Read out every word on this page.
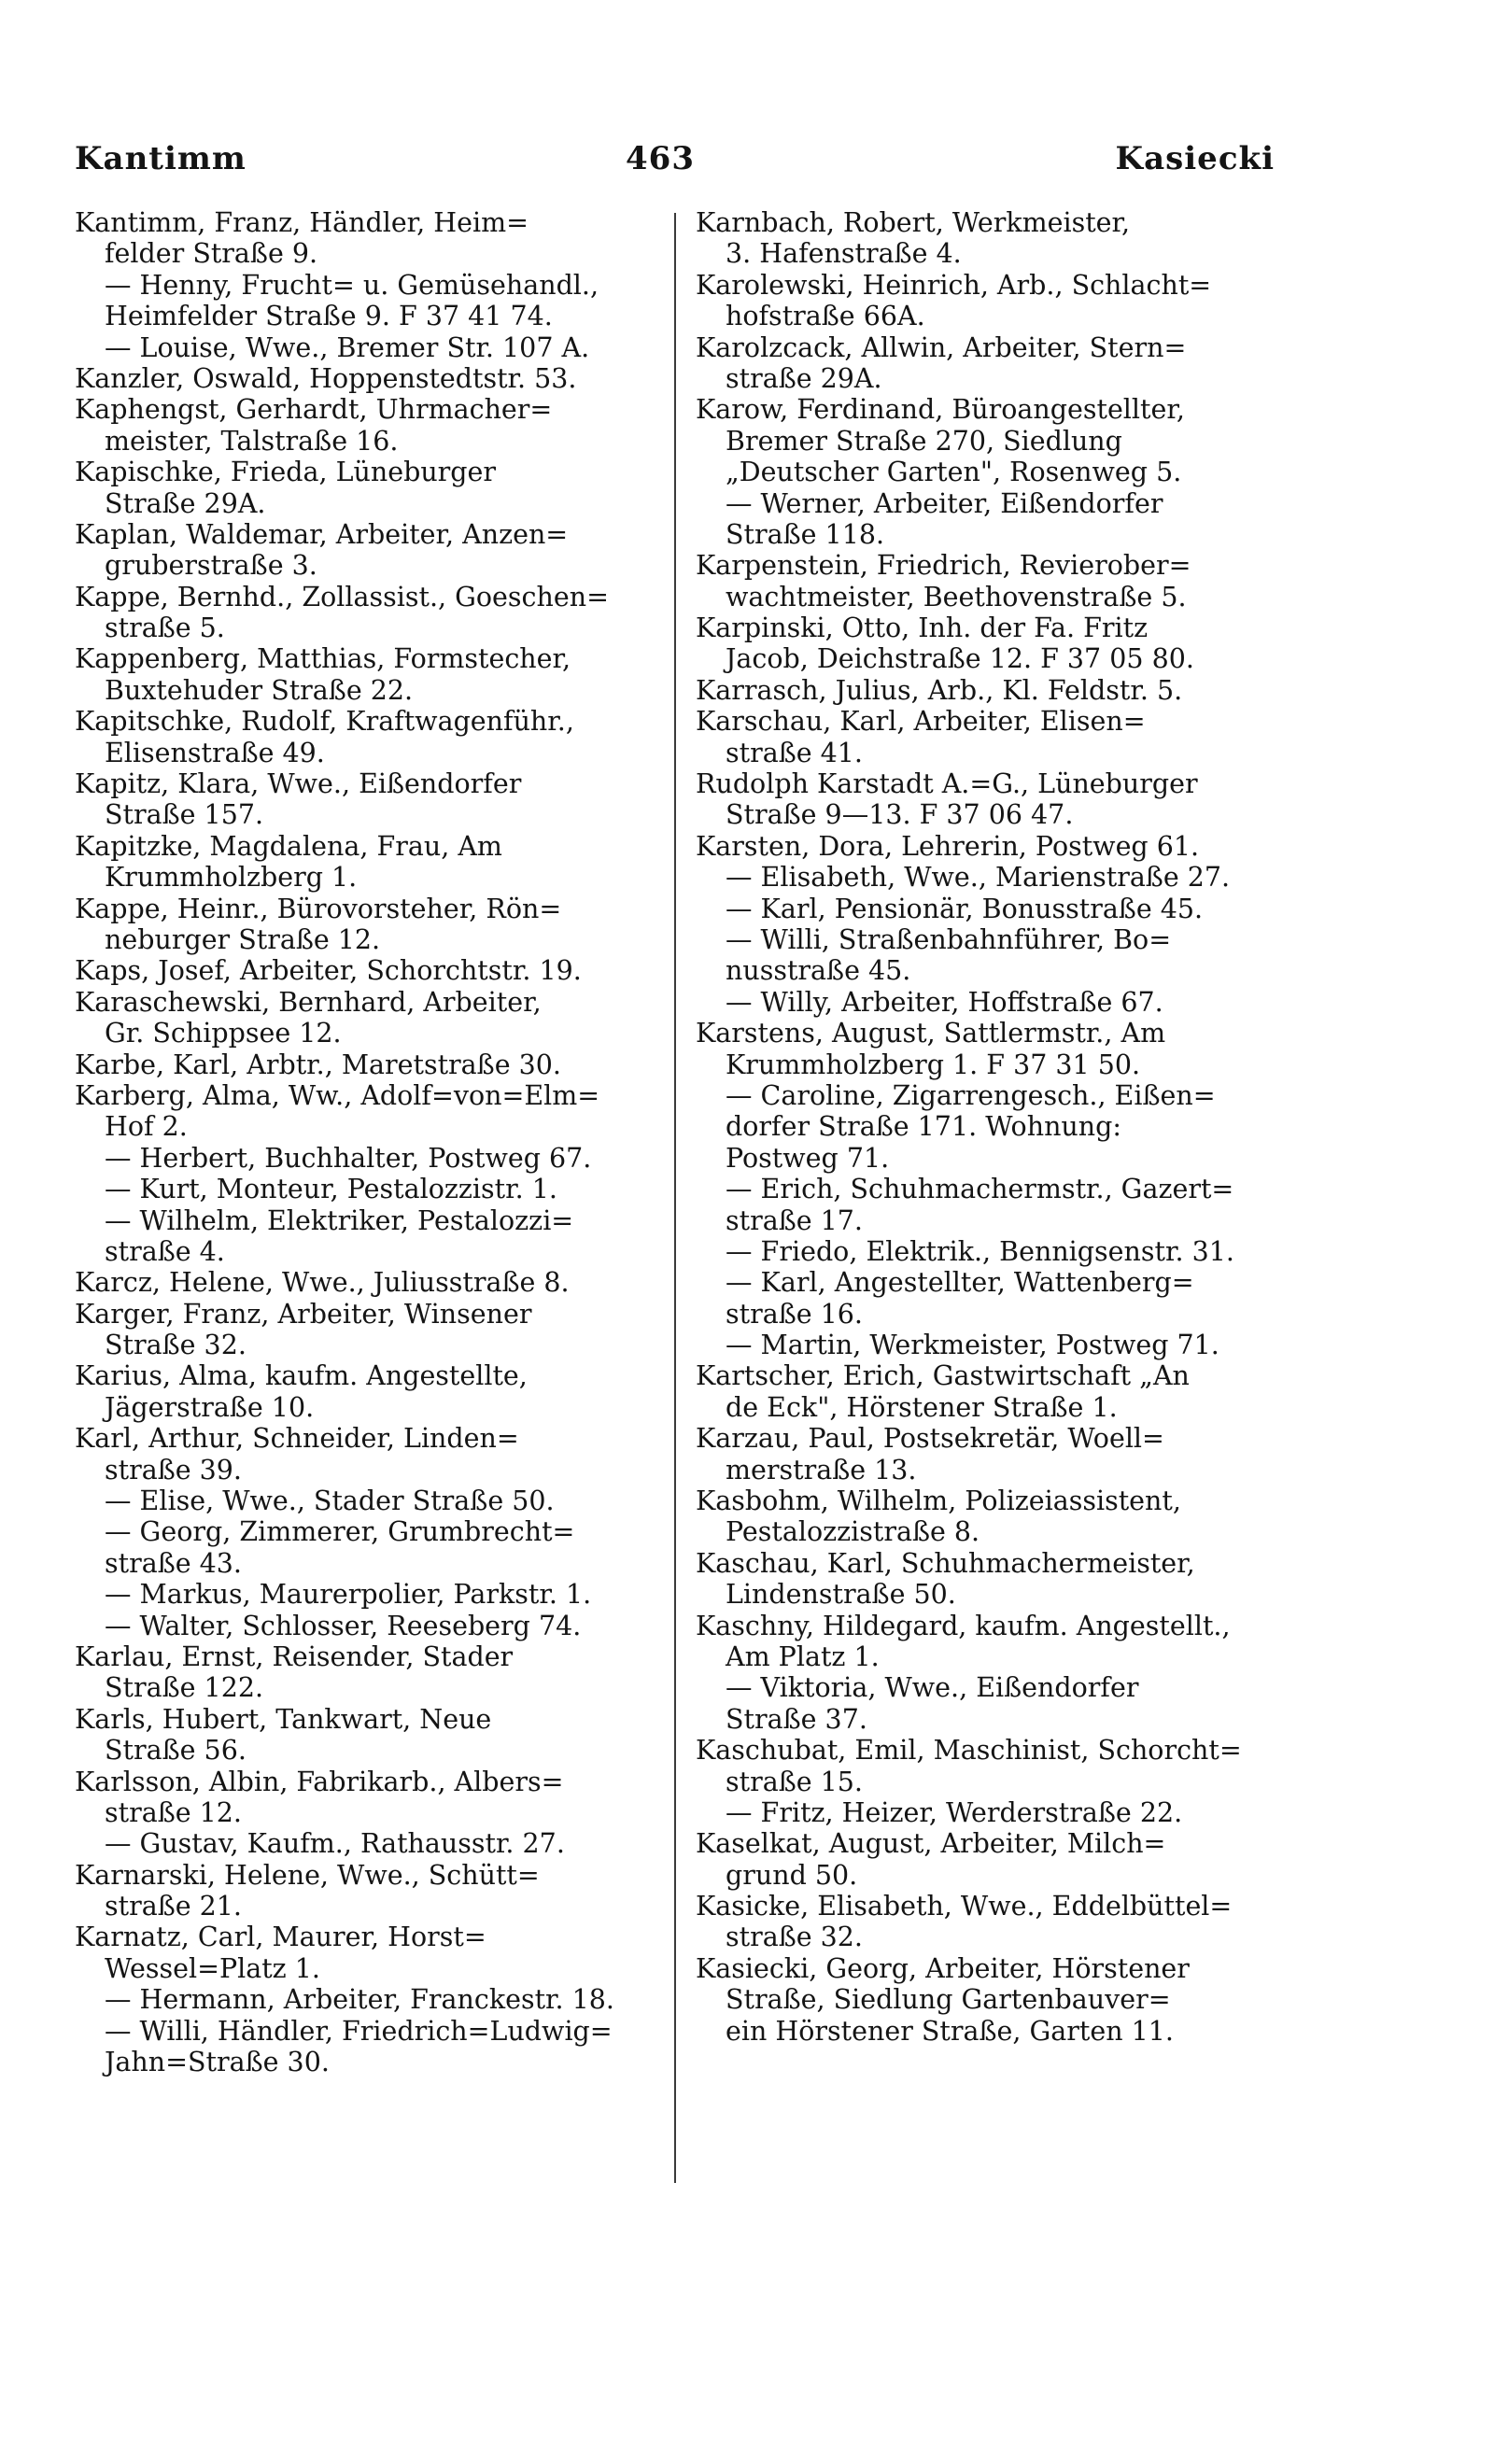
Kantimm	463	Kasiecki
Kantimm, Franz, Händler, Heim=
felder Straße 9.
— Henny, Frucht= u. Gemüsehandl.,
Heimfelder Straße 9. F 37 41 74.
— Louise, Wwe., Bremer Str. 107 A.
Kanzler, Oswald, Hoppenstedtstr. 53.
Kaphengst, Gerhardt, Uhrmacher=
meister, Talstraße 16.
Kapischke, Frieda, Lüneburger
Straße 29A.
Kaplan, Waldemar, Arbeiter, Anzen=
gruberstraße 3.
Kappe, Bernhd., Zollassist., Goeschen=
straße 5.
Kappenberg, Matthias, Formstecher,
Buxtehuder Straße 22.
Kapitschke, Rudolf, Kraftwagenführ.,
Elisenstraße 49.
Kapitz, Klara, Wwe., Eißendorfer
Straße 157.
Kapitzke, Magdalena, Frau, Am
Krummholzberg 1.
Kappe, Heinr., Bürovorsteher, Rön=
neburger Straße 12.
Kaps, Josef, Arbeiter, Schorchtstr. 19.
Karaschewski, Bernhard, Arbeiter,
Gr. Schippsee 12.
Karbe, Karl, Arbtr., Maretstraße 30.
Karberg, Alma, Ww., Adolf=von=Elm=
Hof 2.
— Herbert, Buchhalter, Postweg 67.
— Kurt, Monteur, Pestalozzistr. 1.
— Wilhelm, Elektriker, Pestalozzi=
straße 4.
Karcz, Helene, Wwe., Juliusstraße 8.
Karger, Franz, Arbeiter, Winsener
Straße 32.
Karius, Alma, kaufm. Angestellte,
Jägerstraße 10.
Karl, Arthur, Schneider, Linden=
straße 39.
— Elise, Wwe., Stader Straße 50.
— Georg, Zimmerer, Grumbrecht=
straße 43.
— Markus, Maurerpolier, Parkstr. 1.
— Walter, Schlosser, Reeseberg 74.
Karlau, Ernst, Reisender, Stader
Straße 122.
Karls, Hubert, Tankwart, Neue
Straße 56.
Karlsson, Albin, Fabrikarb., Albers=
straße 12.
— Gustav, Kaufm., Rathausstr. 27.
Karnarski, Helene, Wwe., Schütt=
straße 21.
Karnatz, Carl, Maurer, Horst=
Wessel=Platz 1.
— Hermann, Arbeiter, Franckestr. 18.
— Willi, Händler, Friedrich=Ludwig=
Jahn=Straße 30.
Karnbach, Robert, Werkmeister,
3. Hafenstraße 4.
Karolewski, Heinrich, Arb., Schlacht=
hofstraße 66A.
Karolzcack, Allwin, Arbeiter, Stern=
straße 29A.
Karow, Ferdinand, Büroangestellter,
Bremer Straße 270, Siedlung
„Deutscher Garten", Rosenweg 5.
— Werner, Arbeiter, Eißendorfer
Straße 118.
Karpenstein, Friedrich, Revierober=
wachtmeister, Beethovenstraße 5.
Karpinski, Otto, Inh. der Fa. Fritz
Jacob, Deichstraße 12. F 37 05 80.
Karrasch, Julius, Arb., Kl. Feldstr. 5.
Karschau, Karl, Arbeiter, Elisen=
straße 41.
Rudolph Karstadt A.=G., Lüneburger
Straße 9—13. F 37 06 47.
Karsten, Dora, Lehrerin, Postweg 61.
— Elisabeth, Wwe., Marienstraße 27.
— Karl, Pensionär, Bonusstraße 45.
— Willi, Straßenbahnführer, Bo=
nusstraße 45.
— Willy, Arbeiter, Hoffstraße 67.
Karstens, August, Sattlermstr., Am
Krummholzberg 1. F 37 31 50.
— Caroline, Zigarrengesch., Eißen=
dorfer Straße 171. Wohnung:
Postweg 71.
— Erich, Schuhmachermstr., Gazert=
straße 17.
— Friedo, Elektrik., Bennigsenstr. 31.
— Karl, Angestellter, Wattenberg=
straße 16.
— Martin, Werkmeister, Postweg 71.
Kartscher, Erich, Gastwirtschaft „An
de Eck", Hörstener Straße 1.
Karzau, Paul, Postsekretär, Woell=
merstraße 13.
Kasbohm, Wilhelm, Polizeiassistent,
Pestalozzistraße 8.
Kaschau, Karl, Schuhmachermeister,
Lindenstraße 50.
Kaschny, Hildegard, kaufm. Angestellt.,
Am Platz 1.
— Viktoria, Wwe., Eißendorfer
Straße 37.
Kaschubat, Emil, Maschinist, Schorcht=
straße 15.
— Fritz, Heizer, Werderstraße 22.
Kaselkat, August, Arbeiter, Milch=
grund 50.
Kasicke, Elisabeth, Wwe., Eddelbüttel=
straße 32.
Kasiecki, Georg, Arbeiter, Hörstener
Straße, Siedlung Gartenbauver=
ein Hörstener Straße, Garten 11.
